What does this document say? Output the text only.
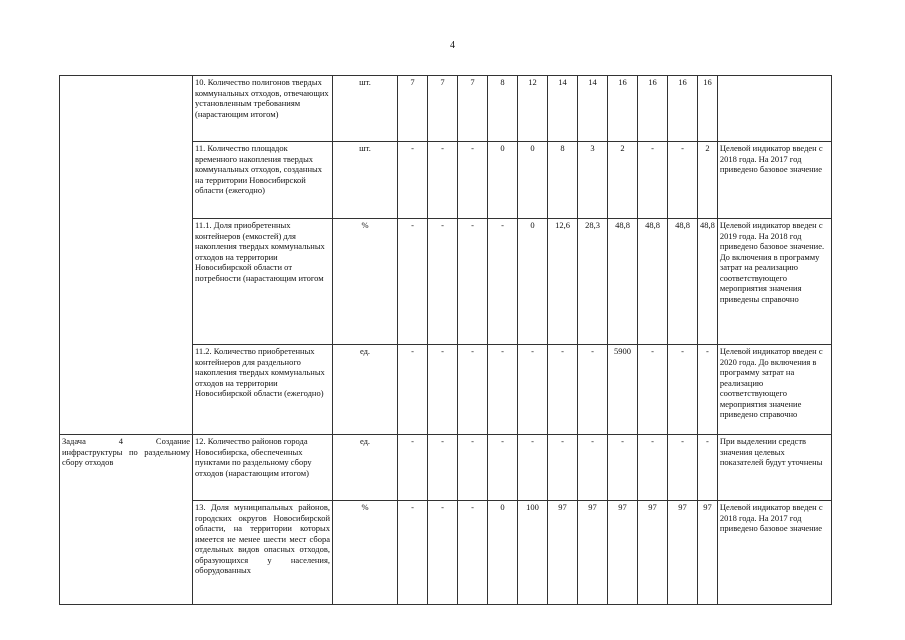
4
	10. Количество полигонов твердых коммунальных отходов, отвечающих установленным требованиям (нарастающим итогом)	шт.	7	7	7	8	12	14	14	16	16	16	16	
	11. Количество площадок временного накопления твердых коммунальных отходов, созданных на территории Новосибирской области (ежегодно)	шт.	-	-	-	0	0	8	3	2	-	-	2	Целевой индикатор введен с 2018 года. На 2017 год приведено базовое значение
	11.1. Доля приобретенных контейнеров (емкостей) для накопления твердых коммунальных отходов на территории Новосибирской области от потребности (нарастающим итогом	%	-	-	-	-	0	12,6	28,3	48,8	48,8	48,8	48,8	Целевой индикатор введен с 2019 года. На 2018 год приведено базовое значение. До включения в программу затрат на реализацию соответствующего мероприятия значения приведены справочно
	11.2. Количество приобретенных контейнеров для раздельного накопления твердых коммунальных отходов на территории Новосибирской области (ежегодно)	ед.	-	-	-	-	-	-	-	5900	-	-	-	Целевой индикатор введен с 2020 года. До включения в программу затрат на реализацию соответствующего мероприятия значение приведено справочно
Задача 4 Создание инфраструктуры по раздельному сбору отходов	12. Количество районов города Новосибирска, обеспеченных пунктами по раздельному сбору отходов (нарастающим итогом)	ед.	-	-	-	-	-	-	-	-	-	-	-	При выделении средств значения целевых показателей будут уточнены
	13. Доля муниципальных районов, городских округов Новосибирской области, на территории которых имеется не менее шести мест сбора отдельных видов опасных отходов, образующихся у населения, оборудованных	%	-	-	-	0	100	97	97	97	97	97	97	Целевой индикатор введен с 2018 года. На 2017 год приведено базовое значение
